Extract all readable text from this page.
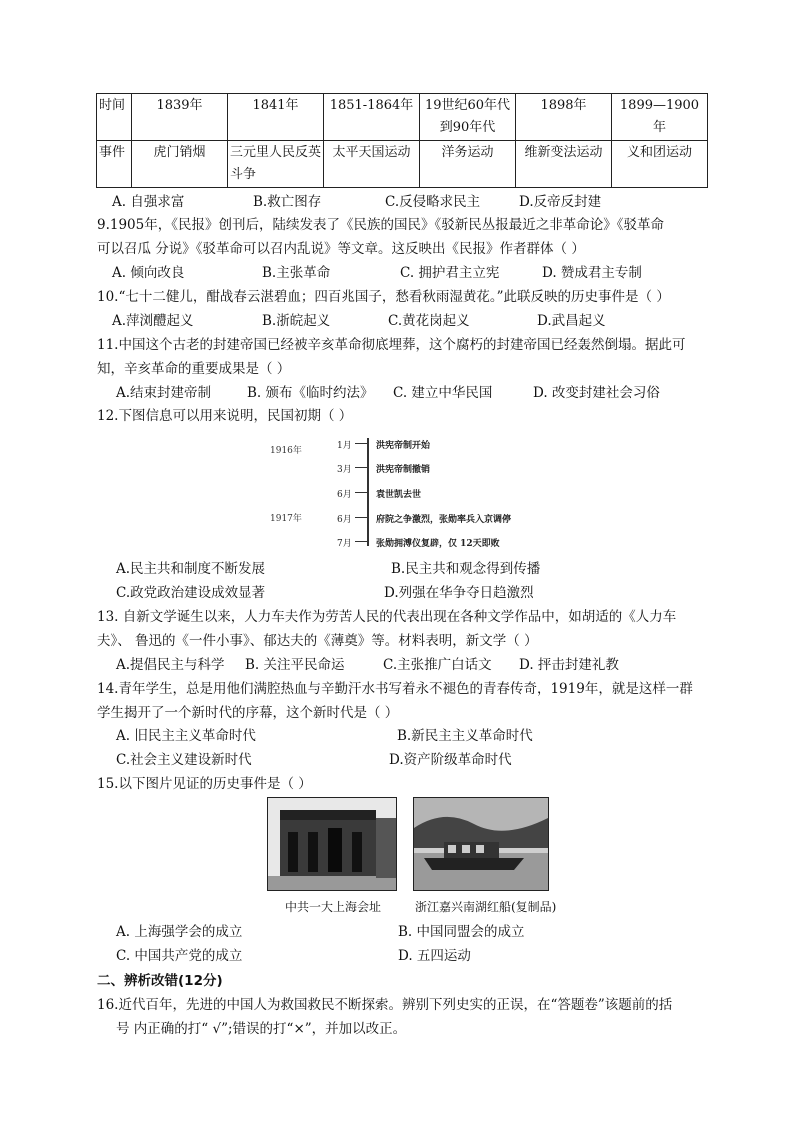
时间	1839年	1841年	1851-1864年	19世纪60年代到90年代	1898年	1899—1900年
事件	虎门销烟	三元里人民反英斗争	太平天国运动	洋务运动	维新变法运动	义和团运动
A. 自强求富	B.救亡图存	C.反侵略求民主	D.反帝反封建
9.1905年，《民报》创刊后，陆续发表了《民族的国民》《驳新民丛报最近之非革命论》《驳革命
可以召瓜 分说》《驳革命可以召内乱说》等文章。这反映出《民报》作者群体（ ）
A. 倾向改良	B.主张革命	C. 拥护君主立宪	D. 赞成君主专制
10.“七十二健儿，酣战春云湛碧血；四百兆国子，愁看秋雨湿黄花。”此联反映的历史事件是（ ）
A.萍浏醴起义	B.浙皖起义	C.黄花岗起义	D.武昌起义
11.中国这个古老的封建帝国已经被辛亥革命彻底埋葬，这个腐朽的封建帝国已经轰然倒塌。据此可
知，辛亥革命的重要成果是（ ）
A.结束封建帝制	B. 颁布《临时约法》 C. 建立中华民国	D. 改变封建社会习俗
12.下图信息可以用来说明，民国初期（ ）
1916年
1917年
1月	洪宪帝制开始
3月	洪宪帝制撤销
6月	袁世凯去世
6月	府院之争激烈，张勋率兵入京调停
7月	张勋拥溥仪复辟，仅 12天即败
A.民主共和制度不断发展	B.民主共和观念得到传播
C.政党政治建设成效显著	D.列强在华争夺日趋激烈
13. 自新文学诞生以来，人力车夫作为劳苦人民的代表出现在各种文学作品中，如胡适的《人力车
夫》、 鲁迅的《一件小事》、郁达夫的《薄奠》等。材料表明，新文学（ ）
A.提倡民主与科学 B. 关注平民命运	C.主张推广白话文 D. 抨击封建礼教
14.青年学生，总是用他们满腔热血与辛勤汗水书写着永不褪色的青春传奇，1919年，就是这样一群
学生揭开了一个新时代的序幕，这个新时代是（ ）
A. 旧民主主义革命时代	B.新民主主义革命时代
C.社会主义建设新时代	D.资产阶级革命时代
15.以下图片见证的历史事件是（ ）
中共一大上海会址	浙江嘉兴南湖红船(复制品)
A. 上海强学会的成立	B. 中国同盟会的成立
C. 中国共产党的成立	D. 五四运动
二、辨析改错(12分)
16.近代百年，先进的中国人为救国救民不断探索。辨别下列史实的正误，在“答题卷”该题前的括
号 内正确的打“ √”;错误的打“×”，并加以改正。
